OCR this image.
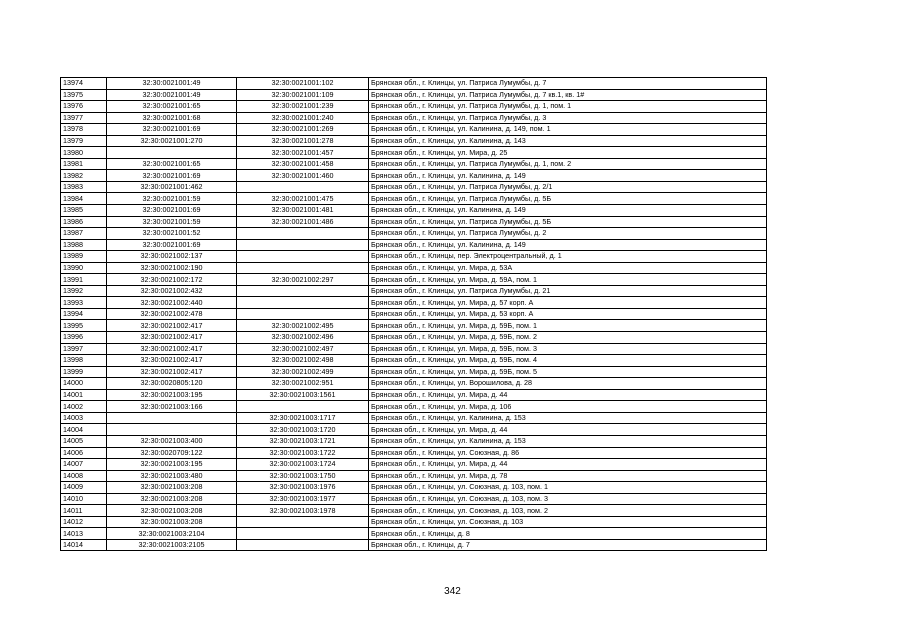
13974	32:30:0021001:49	32:30:0021001:102	Брянская обл., г. Клинцы, ул. Патриса Лумумбы, д. 7
13975	32:30:0021001:49	32:30:0021001:109	Брянская обл., г. Клинцы, ул. Патриса Лумумбы, д. 7 кв.1, кв. 1#
13976	32:30:0021001:65	32:30:0021001:239	Брянская обл., г. Клинцы, ул. Патриса Лумумбы, д. 1, пом. 1
13977	32:30:0021001:68	32:30:0021001:240	Брянская обл., г. Клинцы, ул. Патриса Лумумбы, д. 3
13978	32:30:0021001:69	32:30:0021001:269	Брянская обл., г. Клинцы, ул. Калинина, д. 149, пом. 1
13979	32:30:0021001:270	32:30:0021001:278	Брянская обл., г. Клинцы, ул. Калинина, д. 143
13980		32:30:0021001:457	Брянская обл., г. Клинцы, ул. Мира, д. 25
13981	32:30:0021001:65	32:30:0021001:458	Брянская обл., г. Клинцы, ул. Патриса Лумумбы, д. 1, пом. 2
13982	32:30:0021001:69	32:30:0021001:460	Брянская обл., г. Клинцы, ул. Калинина, д. 149
13983	32:30:0021001:462		Брянская обл., г. Клинцы, ул. Патриса Лумумбы, д. 2/1
13984	32:30:0021001:59	32:30:0021001:475	Брянская обл., г. Клинцы, ул. Патриса Лумумбы, д. 5Б
13985	32:30:0021001:69	32:30:0021001:481	Брянская обл., г. Клинцы, ул. Калинина, д. 149
13986	32:30:0021001:59	32:30:0021001:486	Брянская обл., г. Клинцы, ул. Патриса Лумумбы, д. 5Б
13987	32:30:0021001:52		Брянская обл., г. Клинцы, ул. Патриса Лумумбы, д. 2
13988	32:30:0021001:69		Брянская обл., г. Клинцы, ул. Калинина, д. 149
13989	32:30:0021002:137		Брянская обл., г. Клинцы, пер. Электроцентральный, д. 1
13990	32:30:0021002:190		Брянская обл., г. Клинцы, ул. Мира, д. 53А
13991	32:30:0021002:172	32:30:0021002:297	Брянская обл., г. Клинцы, ул. Мира, д. 59А, пом. 1
13992	32:30:0021002:432		Брянская обл., г. Клинцы, ул. Патриса Лумумбы, д. 21
13993	32:30:0021002:440		Брянская обл., г. Клинцы, ул. Мира, д. 57 корп. А
13994	32:30:0021002:478		Брянская обл., г. Клинцы, ул. Мира, д. 53 корп. А
13995	32:30:0021002:417	32:30:0021002:495	Брянская обл., г. Клинцы, ул. Мира, д. 59Б, пом. 1
13996	32:30:0021002:417	32:30:0021002:496	Брянская обл., г. Клинцы, ул. Мира, д. 59Б, пом. 2
13997	32:30:0021002:417	32:30:0021002:497	Брянская обл., г. Клинцы, ул. Мира, д. 59Б, пом. 3
13998	32:30:0021002:417	32:30:0021002:498	Брянская обл., г. Клинцы, ул. Мира, д. 59Б, пом. 4
13999	32:30:0021002:417	32:30:0021002:499	Брянская обл., г. Клинцы, ул. Мира, д. 59Б, пом. 5
14000	32:30:0020805:120	32:30:0021002:951	Брянская обл., г. Клинцы, ул. Ворошилова, д. 28
14001	32:30:0021003:195	32:30:0021003:1561	Брянская обл., г. Клинцы, ул. Мира, д. 44
14002	32:30:0021003:166		Брянская обл., г. Клинцы, ул. Мира, д. 106
14003		32:30:0021003:1717	Брянская обл., г. Клинцы, ул. Калинина, д. 153
14004		32:30:0021003:1720	Брянская обл., г. Клинцы, ул. Мира, д. 44
14005	32:30:0021003:400	32:30:0021003:1721	Брянская обл., г. Клинцы, ул. Калинина, д. 153
14006	32:30:0020709:122	32:30:0021003:1722	Брянская обл., г. Клинцы, ул. Союзная, д. 86
14007	32:30:0021003:195	32:30:0021003:1724	Брянская обл., г. Клинцы, ул. Мира, д. 44
14008	32:30:0021003:480	32:30:0021003:1750	Брянская обл., г. Клинцы, ул. Мира, д. 78
14009	32:30:0021003:208	32:30:0021003:1976	Брянская обл., г. Клинцы, ул. Союзная, д. 103, пом. 1
14010	32:30:0021003:208	32:30:0021003:1977	Брянская обл., г. Клинцы, ул. Союзная, д. 103, пом. 3
14011	32:30:0021003:208	32:30:0021003:1978	Брянская обл., г. Клинцы, ул. Союзная, д. 103, пом. 2
14012	32:30:0021003:208		Брянская обл., г. Клинцы, ул. Союзная, д. 103
14013	32:30:0021003:2104		Брянская обл., г. Клинцы, д. 8
14014	32:30:0021003:2105		Брянская обл., г. Клинцы, д. 7
342
